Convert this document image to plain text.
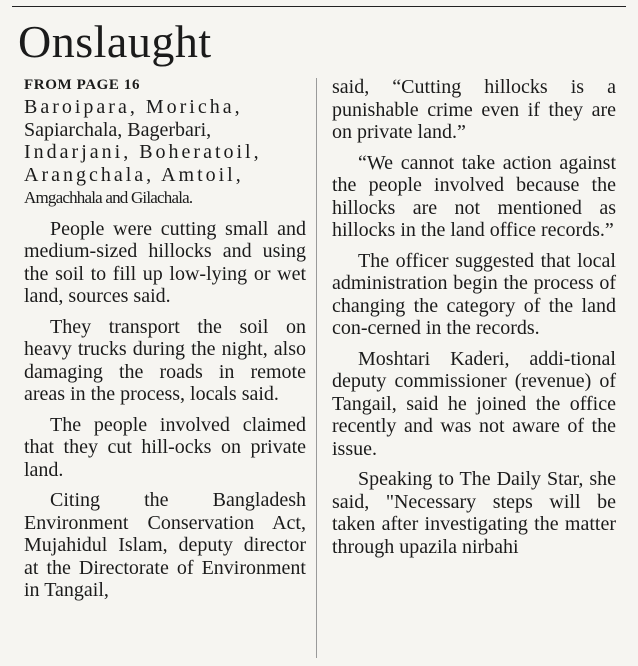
Onslaught
FROM PAGE 16

Baroipara, Moricha,
Sapiarchala, Bagerbari,
Indarjani, Boheratoil,
Arangchala, Amtoil,
Amgachhala and Gilachala.

People were cutting small and medium-sized hillocks and using the soil to fill up low-lying or wet land, sources said.

They transport the soil on heavy trucks during the night, also damaging the roads in remote areas in the process, locals said.

The people involved claimed that they cut hill-ocks on private land.

Citing the Bangladesh Environment Conservation Act, Mujahidul Islam, deputy director at the Directorate of Environment in Tangail,

said, “Cutting hillocks is a punishable crime even if they are on private land.”

“We cannot take action against the people involved because the hillocks are not mentioned as hillocks in the land office records.”

The officer suggested that local administration begin the process of changing the category of the land con-cerned in the records.

Moshtari Kaderi, addi-tional deputy commissioner (revenue) of Tangail, said he joined the office recently and was not aware of the issue.

Speaking to The Daily Star, she said, "Necessary steps will be taken after investigating the matter through upazila nirbahi
